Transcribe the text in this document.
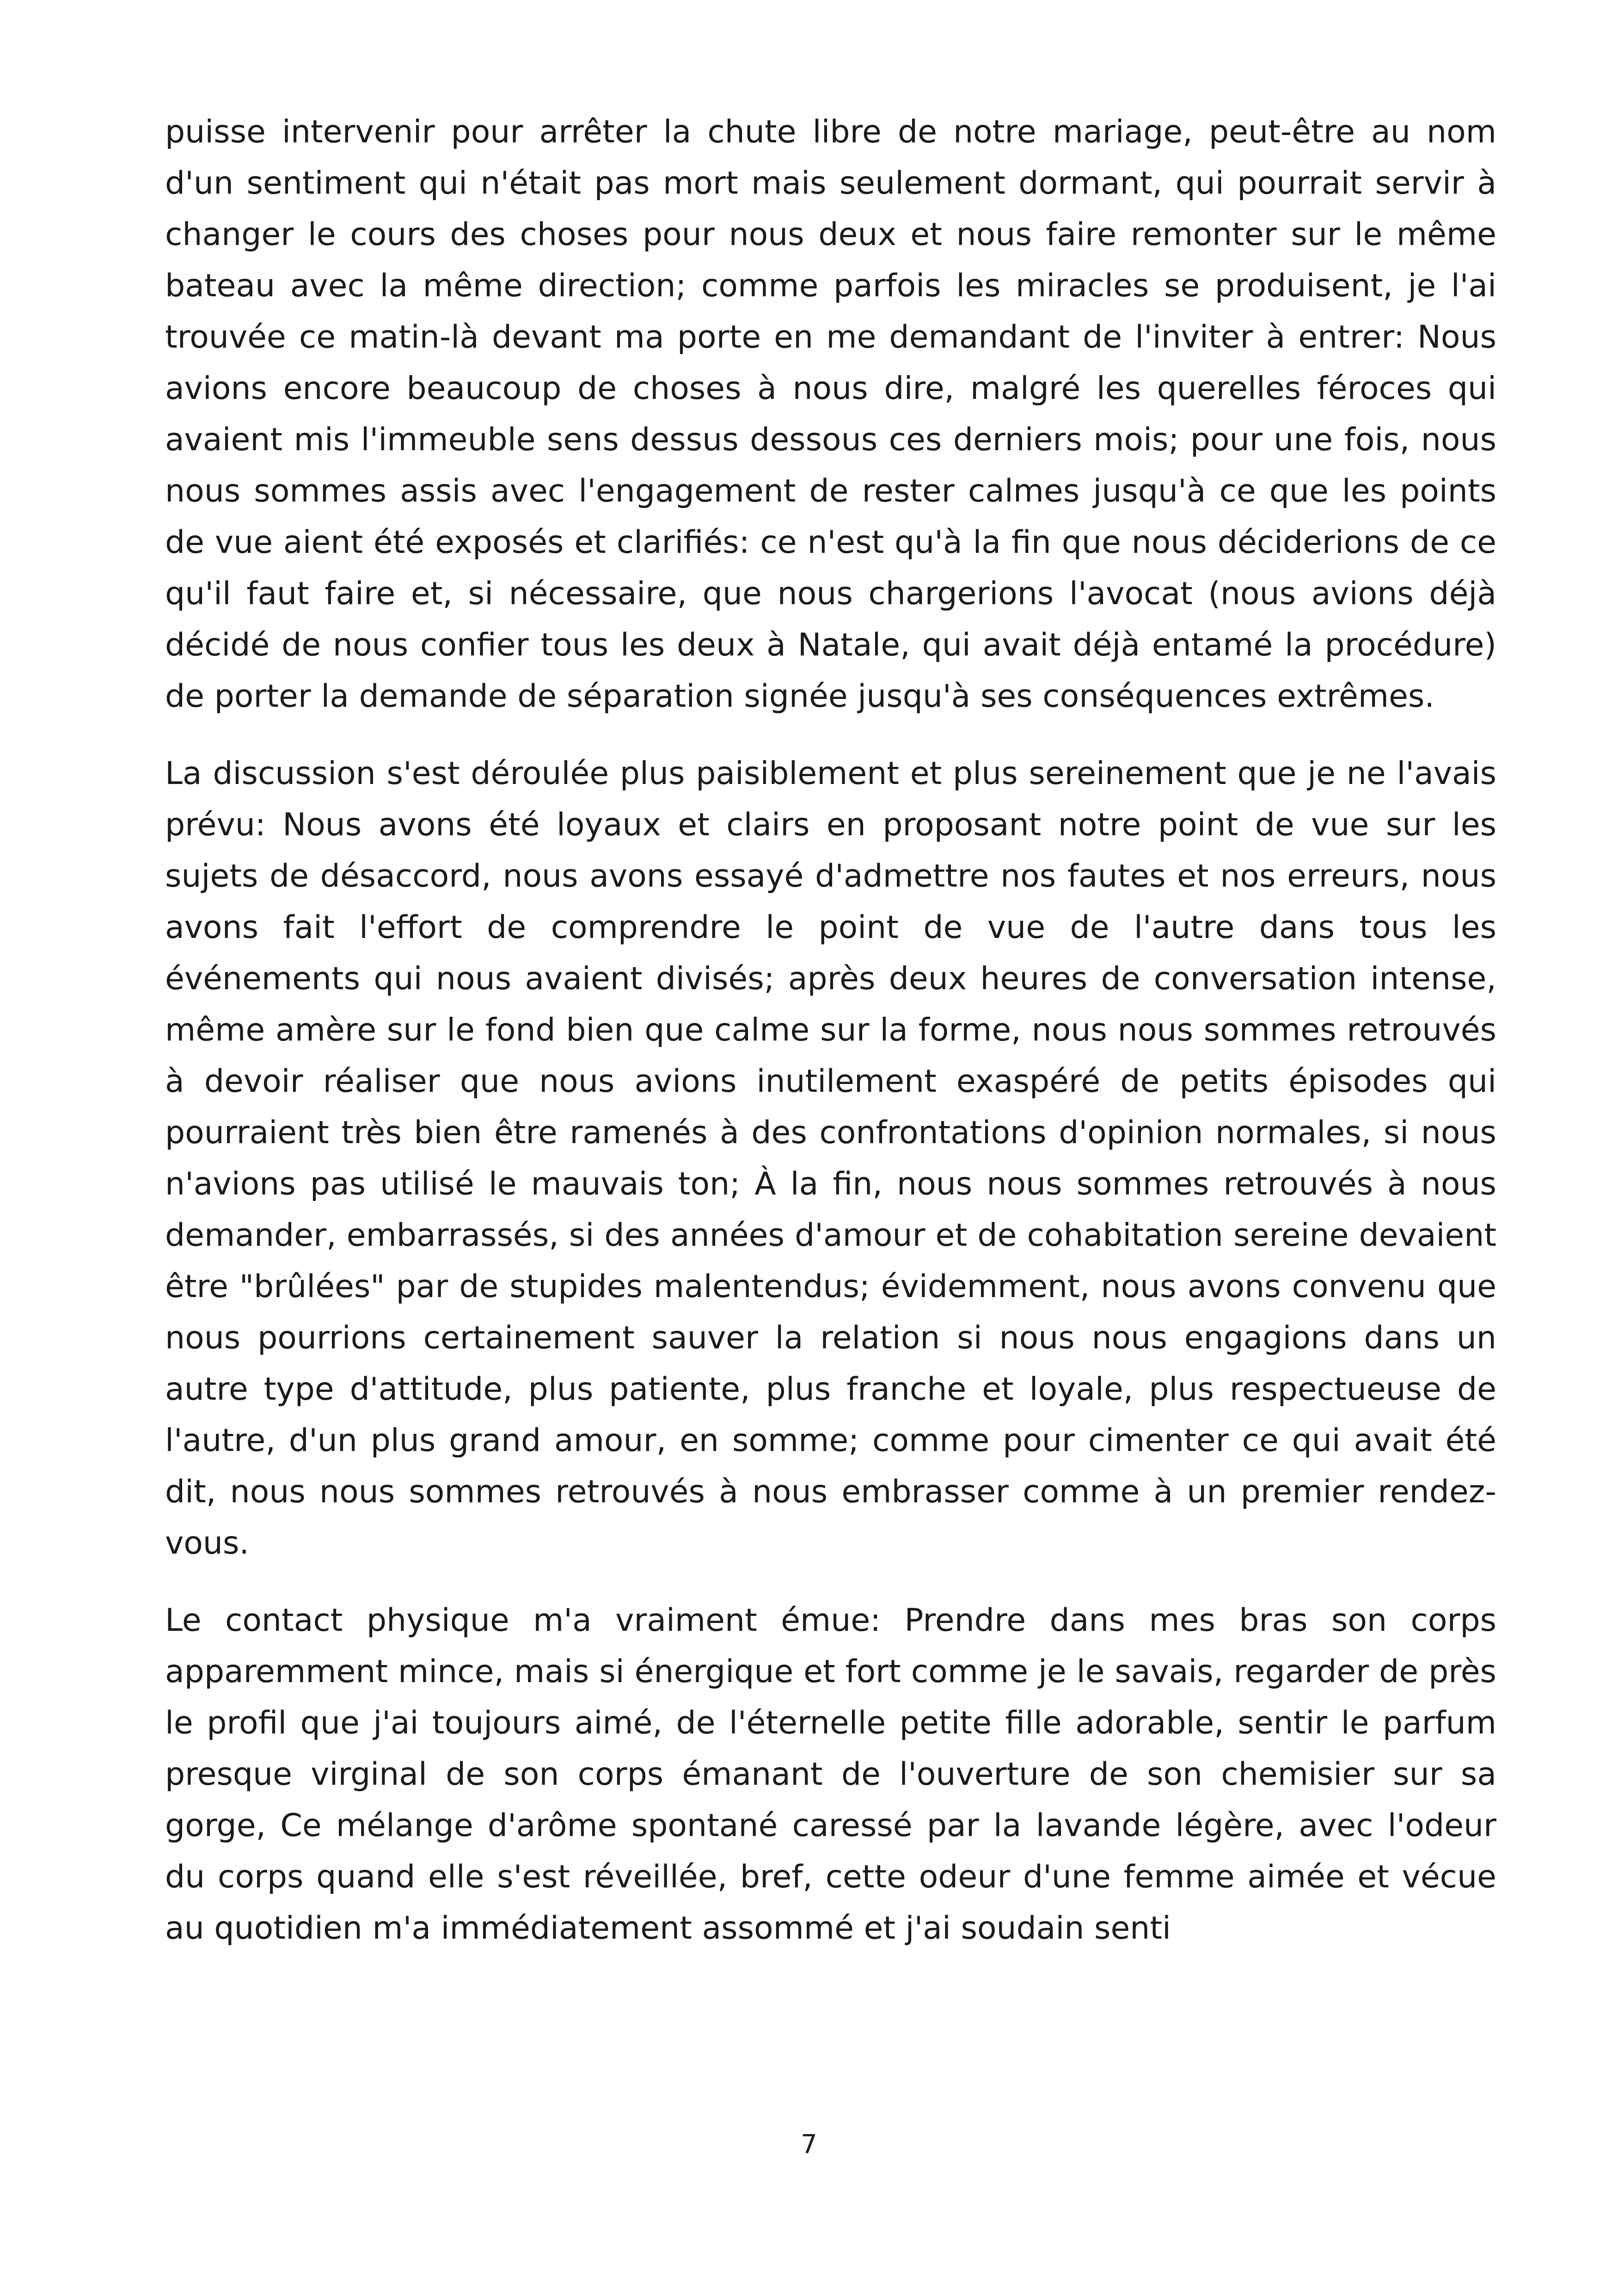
puisse intervenir pour arrêter la chute libre de notre mariage, peut-être au nom d'un sentiment qui n'était pas mort mais seulement dormant, qui pourrait servir à changer le cours des choses pour nous deux et nous faire remonter sur le même bateau avec la même direction; comme parfois les miracles se produisent, je l'ai trouvée ce matin-là devant ma porte en me demandant de l'inviter à entrer: Nous avions encore beaucoup de choses à nous dire, malgré les querelles féroces qui avaient mis l'immeuble sens dessus dessous ces derniers mois; pour une fois, nous nous sommes assis avec l'engagement de rester calmes jusqu'à ce que les points de vue aient été exposés et clarifiés: ce n'est qu'à la fin que nous déciderions de ce qu'il faut faire et, si nécessaire, que nous chargerions l'avocat (nous avions déjà décidé de nous confier tous les deux à Natale, qui avait déjà entamé la procédure) de porter la demande de séparation signée jusqu'à ses conséquences extrêmes.

La discussion s'est déroulée plus paisiblement et plus sereinement que je ne l'avais prévu: Nous avons été loyaux et clairs en proposant notre point de vue sur les sujets de désaccord, nous avons essayé d'admettre nos fautes et nos erreurs, nous avons fait l'effort de comprendre le point de vue de l'autre dans tous les événements qui nous avaient divisés; après deux heures de conversation intense, même amère sur le fond bien que calme sur la forme, nous nous sommes retrouvés à devoir réaliser que nous avions inutilement exaspéré de petits épisodes qui pourraient très bien être ramenés à des confrontations d'opinion normales, si nous n'avions pas utilisé le mauvais ton; À la fin, nous nous sommes retrouvés à nous demander, embarrassés, si des années d'amour et de cohabitation sereine devaient être "brûlées" par de stupides malentendus; évidemment, nous avons convenu que nous pourrions certainement sauver la relation si nous nous engagions dans un autre type d'attitude, plus patiente, plus franche et loyale, plus respectueuse de l'autre, d'un plus grand amour, en somme; comme pour cimenter ce qui avait été dit, nous nous sommes retrouvés à nous embrasser comme à un premier rendez-vous.

Le contact physique m'a vraiment émue: Prendre dans mes bras son corps apparemment mince, mais si énergique et fort comme je le savais, regarder de près le profil que j'ai toujours aimé, de l'éternelle petite fille adorable, sentir le parfum presque virginal de son corps émanant de l'ouverture de son chemisier sur sa gorge, Ce mélange d'arôme spontané caressé par la lavande légère, avec l'odeur du corps quand elle s'est réveillée, bref, cette odeur d'une femme aimée et vécue au quotidien m'a immédiatement assommé et j'ai soudain senti

7
